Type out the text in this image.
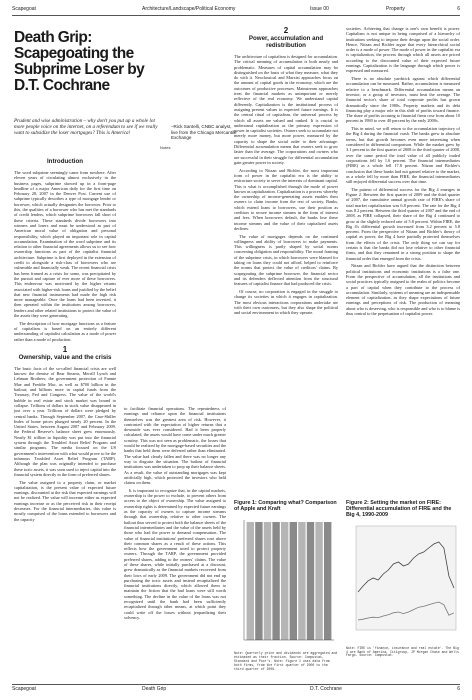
Scapegoat	Architecture/Landscape/Political Economy	Issue 00	Property	6
Death Grip: Scapegoating the Subprime Loser by D.T. Cochrane

Prudent and wise administration – why don't you put up a whole lot more people voice on the internet, on a referendum to see if we really want to subsidize the loser mortgages? This is America!

–Rick Santelli, CNBC analyst,
live from the Chicago Mercantile Exchange
Introduction

The word subprime seemingly came from nowhere. After eleven years of circulating almost exclusively in the business pages, subprime showed up in a front-page headline of a major American daily for the first time on February 28, 2007 in the Denver Post. Current use of subprime typically describes a type of mortgage lender or borrower, which actually designates the borrower. Prior to this, the qualities of a borrower who has met the standards of credit lenders, which subprime borrowers fall short of these criteria. These standards divide borrowers into winners and losers and must be understood as part of American moral value of obligation and personal responsibility, which played an important role in capital accumulation. Examination of the word subprime and its relation to other financial agreements allows us to see how ownership functions as part of the capitalist financial architecture. Subprime is first deployed in the extension of credit to alongside a risk-class of borrowers who are vulnerable and financially weak. The recent financial crisis has been framed as a crisis for some, was precipitated by the pursuit and capture of ever more of these borrowers. This endeavour was motivated by the higher returns associated with higher-risk loans and justified by the belief that new financial instruments had made the high risk more manageable. Once the loans had been invested, it then operated within the institutions among borrowers, lenders and other related institutions to protect the value of the assets they were generating.

The description of how mortgage functions as a feature of capitalism is based on an entirely different understanding of capitalist calculation as a mode of power rather than a mode of production.

1
Ownership, value and the crisis

The basic facts of the so-called financial crisis are well known: the demise of Bear Stearns, Merrill Lynch and Lehman Brothers; the government protection of Fannie Mae and Freddie Mac, as well as $700 billion in the bailout; and billions more in capital funds from the Treasury, Fed and Congress. The value of the world's bubble in real estate and stock market was bound to collapse. Trillions of dollars in stock value disappeared in just over a year. Trillions of dollars were pledged by central banks. Through September 2007, the Case-Shiller Index of home prices plunged nearly 20 percent. In the United States, between August 2007 and February 2009, the Federal Reserve's balance sheet grew enormously. Nearly $1 trillion in liquidity was put into the financial system through the Troubled Asset Relief Program and similar programs. The media focused on the US government's intervention with what would prove to be the infamous Troubled Asset Relief Program (TARP). Although the plan was originally intended to purchase these toxic assets, it was soon used to inject capital into the financial system directly in the form of preferred shares.

The value assigned to a property claim, or market capitalization, is the present value of expected future earnings, discounted at the risk that expected earnings will not be realized. The value will increase either as expected earnings increase or as the perceived risk in their receipt decreases. For the financial intermediaries, this value is mostly comprised of the loans extended to borrowers and the capacity

Notes

to facilitate financial operations. The repeatedness of earnings and reliance upon the financial institutions themselves was the greatest area of risk. However, it contrasted with the expectation of higher returns that a downside was ever considered. Had it been properly calculated, the assets would have come under much greater scrutiny. This was not seen as problematic, the losses that would be realized by the mortgage-based securities and the banks that held them were deferred rather than eliminated. The value had clearly fallen and there was no longer any way to disguise the situation. The bailout of financial institutions was undertaken to prop up their balance sheets. As a result, the value of outstanding mortgages was kept artificially high, which protected the investors who held claims on them.

It is important to recognize that, in the capital markets, ownership is the power to exclude, to prevent others from access to the object of ownership. The value assigned to ownership rights is determined by expected future earnings as the capacity of owners to capture income streams through that ownership, relative to other owners. The bailout thus served to protect both the balance sheets of the financial intermediaries and the value of the assets held by those who had the power to demand compensation. The value of financial institutions' preferred shares rose above their common shares as a result of these actions. This reflects how the government acted to protect property owners. Through the TARP, the government provided preferred shares, adding to the owners' claims. The value of these shares, while initially purchased at a discount, grew dramatically as the financial markets recovered from their lows of early 2009. The government did not end up purchasing the toxic assets and instead recapitalized the financial institutions directly, which allowed them to maintain the fiction that the bad loans were still worth something. The decline in the value of the loans was not recognized until the bank had been sufficiently recapitalized through other means, at which point they could write off the losses without jeopardizing their solvency.

2
Power, accumulation and redistribution

The architecture of capitalism is designed for accumulation. The critical meaning of accumulation is both nearly and problematic. Measures of capital accumulation may be distinguished on the basis of what they measure, what they do with it. Neoclassical and Marxist approaches focus on the amount of capital goods in the economy, which are the outcomes of productive processes. Mainstream approaches treat the financial markets as unimportant or merely reflective of the real economy. We understand capital differently. Capitalization is the institutional process of assigning present values to expected future earnings. It is the central ritual of capitalism, the universal process by which all assets are valued and ranked. It is crucial to understand capitalization as the primary expression of power in capitalist societies. Owners seek to accumulate not merely more money, but more power, measured by the capacity to shape the social order to their advantage. Differential accumulation means that owners seek to grow faster than the average. The corporations and owners who are successful in their struggle for differential accumulation gain greater power in society.

According to Nitzan and Bichler, the most important form of power in the capitalist era is the ability to restructure society to serve the interests of dominant capital. This is what is accomplished through the mode of power known as capitalization. Capitalization is a process whereby the ownership of income-generating assets enables their owners to claim income from the rest of society. Banks, which extend loans to borrowers, use their position as creditors to secure income streams in the form of interest and fees. When borrowers default, the banks lose these income streams and the value of their capitalized assets declines.

The value of mortgages depends on the continued willingness and ability of borrowers to make payments. This willingness is partly shaped by social norms concerning obligation and responsibility. The moral framing of the subprime crisis, in which borrowers were blamed for taking on loans they could not afford, helped to reinforce the norms that protect the value of creditors' claims. By scapegoating the subprime borrower, the financial sector and its defenders deflected attention from the structural features of capitalist finance that had produced the crisis.

Of course, no corporation is engaged in the struggle to change its societies in which it engages in capitalization. The most obvious interactions corporations undertake are with their own customers, but they also shape the political and social environment in which they operate.

societies. Achieving that change is one's own benefit is power. Capitalism is not unique in being comprised of a hierarchy of institutions seeking to impose their design upon the social order. Hence, Nitzan and Bichler argue that every hierarchical social order is a mode of power. The mode of power in the capitalist era is capitalization, the process through which all assets are priced according to the discounted value of their expected future earnings. Capitalization is the language through which power is expressed and measured.

There is no absolute yardstick against which differential accumulation can be measured. Rather, accumulation is measured relative to a benchmark. Differential accumulation means an investor, or a group of investors, must beat the average. The financial sector's share of total corporate profits has grown dramatically since the 1980s. Property markets and its debt financing play a major role in this shift of profits toward finance. The share of profits accruing to financial firms rose from about 10 percent in 1980 to over 40 percent by the early 2000s.

This in mind, we will return to the accumulation trajectory of the Big 4 during the financial crash. The banks grew in absolute terms, but that growth becomes even more interesting when considered in differential comparison. While the market grew by 3.1 percent in the first quarter of 2008 to the third quarter of 2008, over the same period the total value of all publicly traded corporations fell by 1.6 percent. The financial intermediaries (FIRE) as a whole fell 17.8 percent. Nitzan and Bichler's conclusion that these banks had not gained relative to the market, as a whole fell by more than FIRE, the financial intermediaries still enjoyed differential success over that time.

The pattern of differential success for the Big 4 emerges in Figure 2. Between the first quarter of 2009 and the third quarter of 2007, the cumulative annual growth rate of FIRE's share of total market capitalization was 6.8 percent. The rate for the Big 4 was 8.2 percent. Between the third quarter of 2007 and the end of 2008, as FIRE collapsed, their share of the Big 4 continued to grow at the slightly reduced rate of 5.8 percent. Within FIRE, the Big 4's differential growth increased from 3.2 percent to 5.8 percent. From the perspective of Nitzan and Bichler's theory of capital as power, the Big 4 have partially protected themselves from the effects of the crisis. The only thing we can say for certain is that the banks did not lose relative to other financial firms, and that they remained in a strong position to shape the financial order that emerged from the crisis.

Nitzan and Bichler have argued that the distinction between political institutions and economic institutions is a false one. From the perspective of accumulation, all the institutions and social practices typically assigned to the realm of politics become a part of capital when they contribute to the process of accumulation. Similarly, systems of meaning are an indispensable element of capitalization, as they shape expectations of future earnings and perceptions of risk. The production of meaning about who is deserving, who is responsible and who is to blame is thus central to the perpetuation of capitalist power.

Figure 1: Comparing what? Comparison of Apple and Kraft
Note: Quarterly price and dividends are aggregated and estimated as their fraction. Source: Compustat, Standard and Poor's. Note: Figure 1 uses data from both firms, from the first quarter of 2000 to the third quarter of 2009.
Figure 2: Setting the market on FIRE: Differential accumulation of FIRE and the Big 4, 1990-2009
Note: FIRE is 'finance, insurance and real estate'. The Big 4 are Bank of America, Citigroup, JP Morgan Chase and Wells Fargo. Source: Compustat.
Scapegoat	Death Grip	D.T. Cochrane	6
